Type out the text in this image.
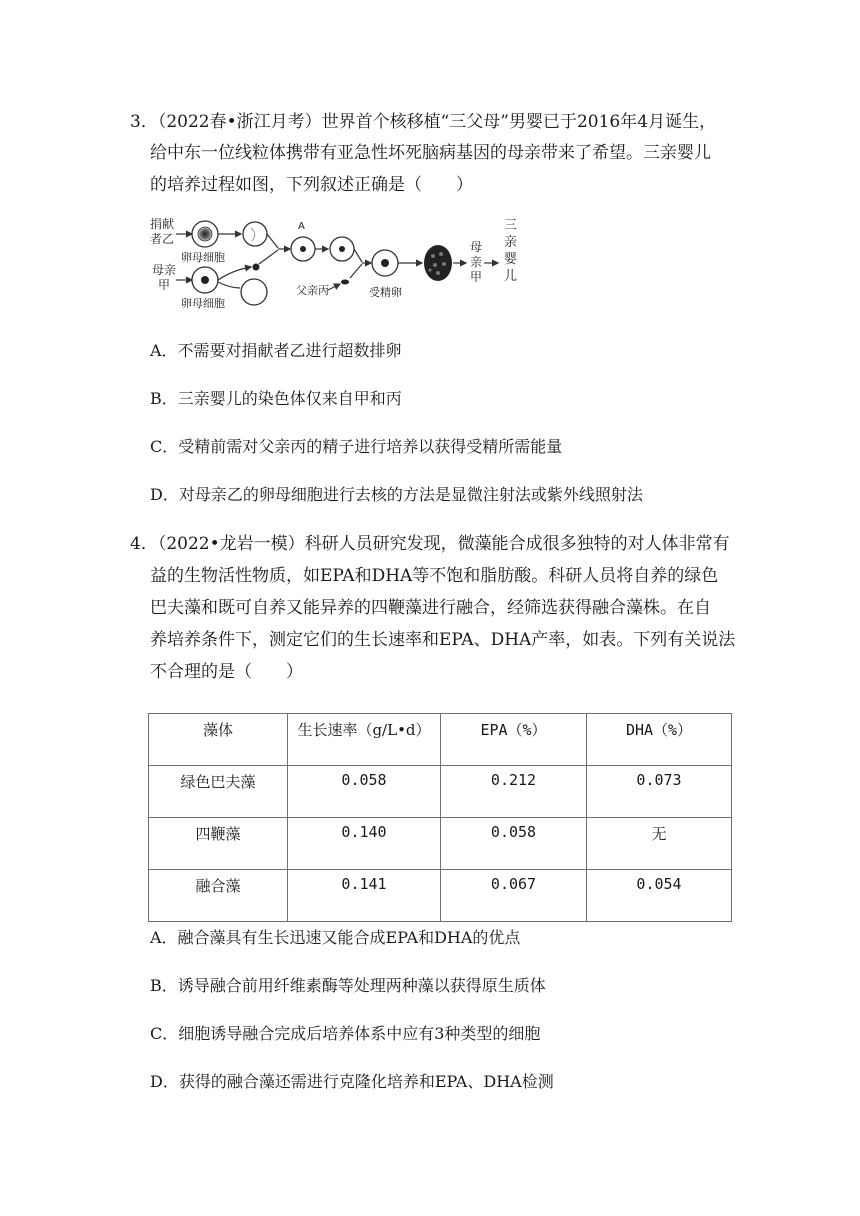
3．（2022春•浙江月考）世界首个核移植“三父母”男婴已于2016年4月诞生，
给中东一位线粒体携带有亚急性坏死脑病基因的母亲带来了希望。三亲婴儿
的培养过程如图，下列叙述正确是（　　）
捐献
者乙
母亲
甲
卵母细胞
卵母细胞
A
父亲丙	受精卵
母
亲
甲
三
亲
婴
儿
A．不需要对捐献者乙进行超数排卵
B．三亲婴儿的染色体仅来自甲和丙
C．受精前需对父亲丙的精子进行培养以获得受精所需能量
D．对母亲乙的卵母细胞进行去核的方法是显微注射法或紫外线照射法
4．（2022•龙岩一模）科研人员研究发现，微藻能合成很多独特的对人体非常有
益的生物活性物质，如EPA和DHA等不饱和脂肪酸。科研人员将自养的绿色
巴夫藻和既可自养又能异养的四鞭藻进行融合，经筛选获得融合藻株。在自
养培养条件下，测定它们的生长速率和EPA、DHA产率，如表。下列有关说法
不合理的是（　　）
藻体	生长速率（g/L•d）	EPA（%）	DHA（%）

绿色巴夫藻	0.058	0.212	0.073

四鞭藻	0.140	0.058	无

融合藻	0.141	0.067	0.054
A．融合藻具有生长迅速又能合成EPA和DHA的优点
B．诱导融合前用纤维素酶等处理两种藻以获得原生质体
C．细胞诱导融合完成后培养体系中应有3种类型的细胞
D．获得的融合藻还需进行克隆化培养和EPA、DHA检测
